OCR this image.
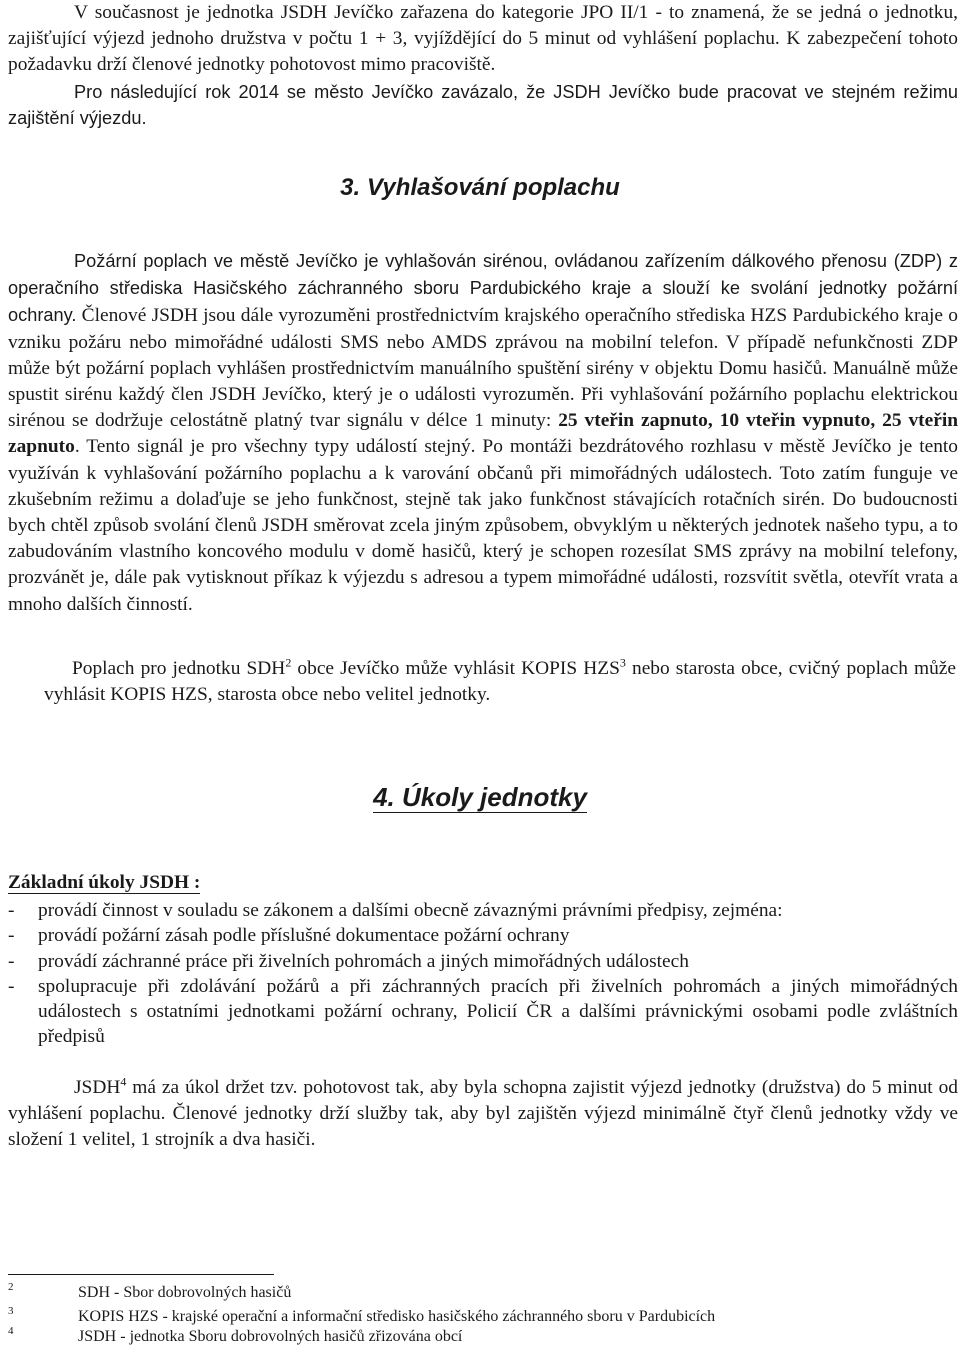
V současnost je jednotka JSDH Jevíčko zařazena do kategorie JPO II/1 - to znamená, že se jedná o jednotku, zajišťující výjezd jednoho družstva v počtu 1 + 3, vyjíždějící do 5 minut od vyhlášení poplachu. K zabezpečení tohoto požadavku drží členové jednotky pohotovost mimo pracoviště.
Pro následující rok 2014 se město Jevíčko zavázalo, že JSDH Jevíčko bude pracovat ve stejném režimu zajištění výjezdu.
3. Vyhlašování poplachu
Požární poplach ve městě Jevíčko je vyhlašován sirénou, ovládanou zařízením dálkového přenosu (ZDP) z operačního střediska Hasičského záchranného sboru Pardubického kraje a slouží ke svolání jednotky požární ochrany. Členové JSDH jsou dále vyrozuměni prostřednictvím krajského operačního střediska HZS Pardubického kraje o vzniku požáru nebo mimořádné události SMS nebo AMDS zprávou na mobilní telefon. V případě nefunkčnosti ZDP může být požární poplach vyhlášen prostřednictvím manuálního spuštění sirény v objektu Domu hasičů. Manuálně může spustit sirénu každý člen JSDH Jevíčko, který je o události vyrozuměn. Při vyhlašování požárního poplachu elektrickou sirénou se dodržuje celostátně platný tvar signálu v délce 1 minuty: 25 vteřin zapnuto, 10 vteřin vypnuto, 25 vteřin zapnuto. Tento signál je pro všechny typy událostí stejný. Po montáži bezdrátového rozhlasu v městě Jevíčko je tento využíván k vyhlašování požárního poplachu a k varování občanů při mimořádných událostech. Toto zatím funguje ve zkušebním režimu a dolaďuje se jeho funkčnost, stejně tak jako funkčnost stávajících rotačních sirén. Do budoucnosti bych chtěl způsob svolání členů JSDH směrovat zcela jiným způsobem, obvyklým u některých jednotek našeho typu, a to zabudováním vlastního koncového modulu v domě hasičů, který je schopen rozesílat SMS zprávy na mobilní telefony, prozvánět je, dále pak vytisknout příkaz k výjezdu s adresou a typem mimořádné události, rozsvítit světla, otevřít vrata a mnoho dalších činností.
Poplach pro jednotku SDH$^2$ obce Jevíčko může vyhlásit KOPIS HZS$^3$ nebo starosta obce, cvičný poplach může vyhlásit KOPIS HZS, starosta obce nebo velitel jednotky.
4. Úkoly jednotky
Základní úkoly JSDH :
-	provádí činnost v souladu se zákonem a dalšími obecně závaznými právními předpisy, zejména:
-	provádí požární zásah podle příslušné dokumentace požární ochrany
-	provádí záchranné práce při živelních pohromách a jiných mimořádných událostech
-	spolupracuje při zdolávání požárů a při záchranných pracích při živelních pohromách a jiných mimořádných událostech s ostatními jednotkami požární ochrany, Policií ČR a dalšími právnickými osobami podle zvláštních předpisů
JSDH$^4$ má za úkol držet tzv. pohotovost tak, aby byla schopna zajistit výjezd jednotky (družstva) do 5 minut od vyhlášení poplachu. Členové jednotky drží služby tak, aby byl zajištěn výjezd minimálně čtyř členů jednotky vždy ve složení 1 velitel, 1 strojník a dva hasiči.
2	SDH - Sbor dobrovolných hasičů
3	KOPIS HZS - krajské operační a informační středisko hasičského záchranného sboru v Pardubicích
4	JSDH - jednotka Sboru dobrovolných hasičů zřizována obcí
